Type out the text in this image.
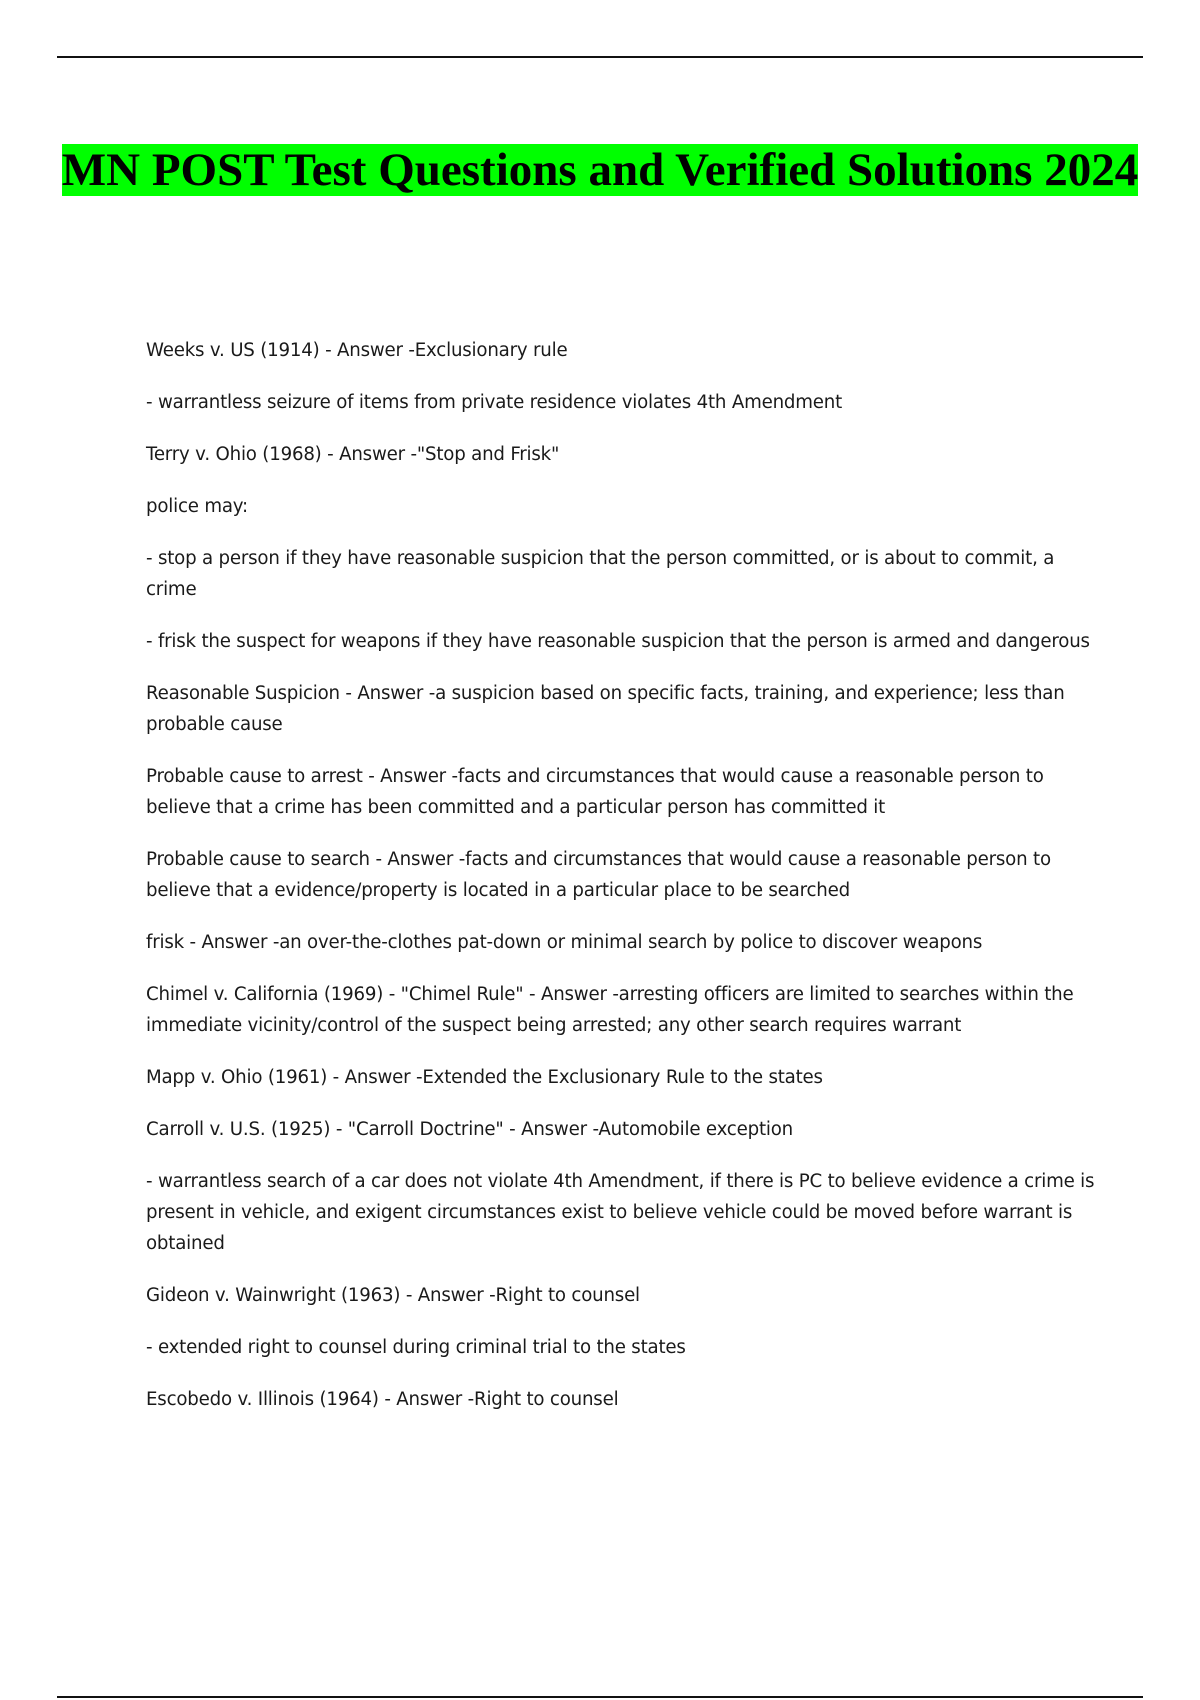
MN POST Test Questions and Verified Solutions 2024

Weeks v. US (1914) - Answer -Exclusionary rule

- warrantless seizure of items from private residence violates 4th Amendment

Terry v. Ohio (1968) - Answer -"Stop and Frisk"

police may:

- stop a person if they have reasonable suspicion that the person committed, or is about to commit, a crime

- frisk the suspect for weapons if they have reasonable suspicion that the person is armed and dangerous

Reasonable Suspicion - Answer -a suspicion based on specific facts, training, and experience; less than probable cause

Probable cause to arrest - Answer -facts and circumstances that would cause a reasonable person to believe that a crime has been committed and a particular person has committed it

Probable cause to search - Answer -facts and circumstances that would cause a reasonable person to believe that a evidence/property is located in a particular place to be searched

frisk - Answer -an over-the-clothes pat-down or minimal search by police to discover weapons

Chimel v. California (1969) - "Chimel Rule" - Answer -arresting officers are limited to searches within the immediate vicinity/control of the suspect being arrested; any other search requires warrant

Mapp v. Ohio (1961) - Answer -Extended the Exclusionary Rule to the states

Carroll v. U.S. (1925) - "Carroll Doctrine" - Answer -Automobile exception

- warrantless search of a car does not violate 4th Amendment, if there is PC to believe evidence a crime is present in vehicle, and exigent circumstances exist to believe vehicle could be moved before warrant is obtained

Gideon v. Wainwright (1963) - Answer -Right to counsel

- extended right to counsel during criminal trial to the states

Escobedo v. Illinois (1964) - Answer -Right to counsel
